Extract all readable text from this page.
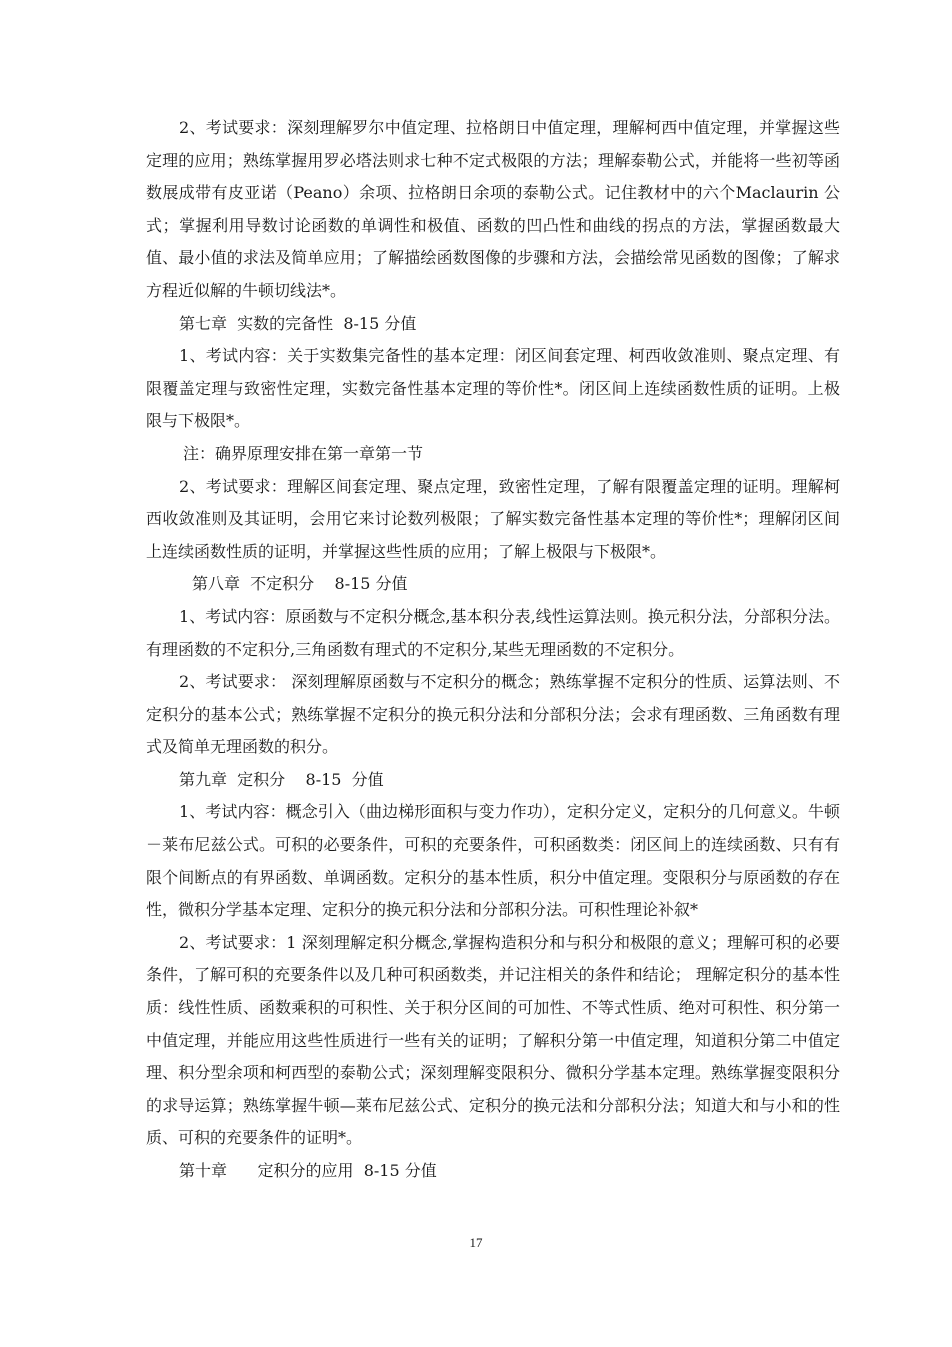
2、考试要求：深刻理解罗尔中值定理、拉格朗日中值定理，理解柯西中值定理，并掌握这些定理的应用；熟练掌握用罗必塔法则求七种不定式极限的方法；理解泰勒公式，并能将一些初等函数展成带有皮亚诺（Peano）余项、拉格朗日余项的泰勒公式。记住教材中的六个Maclaurin 公式；掌握利用导数讨论函数的单调性和极值、函数的凹凸性和曲线的拐点的方法，掌握函数最大值、最小值的求法及简单应用；了解描绘函数图像的步骤和方法，会描绘常见函数的图像；了解求方程近似解的牛顿切线法*。

第七章  实数的完备性  8-15 分值

1、考试内容：关于实数集完备性的基本定理：闭区间套定理、柯西收敛准则、聚点定理、有限覆盖定理与致密性定理，实数完备性基本定理的等价性*。闭区间上连续函数性质的证明。上极限与下极限*。

注：确界原理安排在第一章第一节

2、考试要求：理解区间套定理、聚点定理，致密性定理，了解有限覆盖定理的证明。理解柯西收敛准则及其证明，会用它来讨论数列极限；了解实数完备性基本定理的等价性*；理解闭区间上连续函数性质的证明，并掌握这些性质的应用；了解上极限与下极限*。

第八章  不定积分    8-15 分值

1、考试内容：原函数与不定积分概念,基本积分表,线性运算法则。换元积分法，分部积分法。有理函数的不定积分,三角函数有理式的不定积分,某些无理函数的不定积分。

2、考试要求： 深刻理解原函数与不定积分的概念；熟练掌握不定积分的性质、运算法则、不定积分的基本公式；熟练掌握不定积分的换元积分法和分部积分法；会求有理函数、三角函数有理式及简单无理函数的积分。

第九章  定积分    8-15  分值

1、考试内容：概念引入（曲边梯形面积与变力作功），定积分定义，定积分的几何意义。牛顿－莱布尼兹公式。可积的必要条件，可积的充要条件，可积函数类：闭区间上的连续函数、只有有限个间断点的有界函数、单调函数。定积分的基本性质，积分中值定理。变限积分与原函数的存在性，微积分学基本定理、定积分的换元积分法和分部积分法。可积性理论补叙*

2、考试要求：1 深刻理解定积分概念,掌握构造积分和与积分和极限的意义；理解可积的必要条件，了解可积的充要条件以及几种可积函数类，并记注相关的条件和结论； 理解定积分的基本性质：线性性质、函数乘积的可积性、关于积分区间的可加性、不等式性质、绝对可积性、积分第一中值定理，并能应用这些性质进行一些有关的证明；了解积分第一中值定理，知道积分第二中值定理、积分型余项和柯西型的泰勒公式；深刻理解变限积分、微积分学基本定理。熟练掌握变限积分的求导运算；熟练掌握牛顿—莱布尼兹公式、定积分的换元法和分部积分法；知道大和与小和的性质、可积的充要条件的证明*。

第十章      定积分的应用  8-15 分值

17
